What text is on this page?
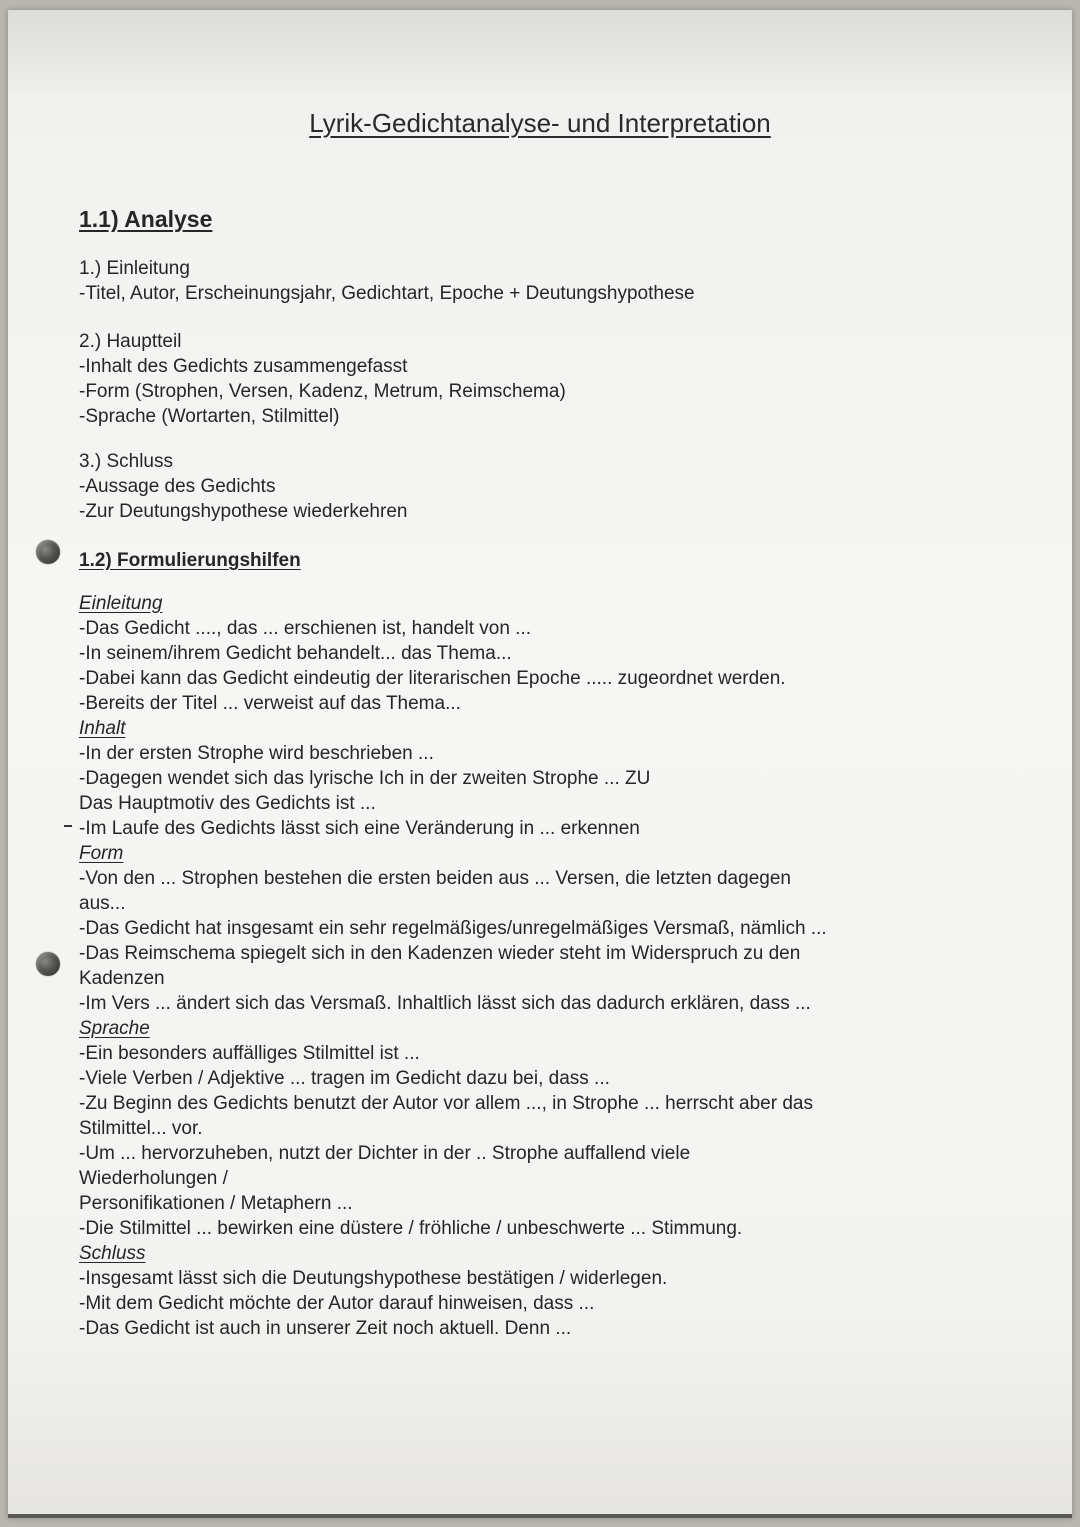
Lyrik-Gedichtanalyse- und Interpretation

1.1) Analyse

1.) Einleitung

-Titel, Autor, Erscheinungsjahr, Gedichtart, Epoche + Deutungshypothese

2.) Hauptteil

-Inhalt des Gedichts zusammengefasst

-Form (Strophen, Versen, Kadenz, Metrum, Reimschema)

-Sprache (Wortarten, Stilmittel)

3.) Schluss

-Aussage des Gedichts

-Zur Deutungshypothese wiederkehren

1.2) Formulierungshilfen

Einleitung

-Das Gedicht ...., das ... erschienen ist, handelt von ...

-In seinem/ihrem Gedicht behandelt... das Thema...

-Dabei kann das Gedicht eindeutig der literarischen Epoche ..... zugeordnet werden.

-Bereits der Titel ... verweist auf das Thema...

Inhalt

-In der ersten Strophe wird beschrieben ...

-Dagegen wendet sich das lyrische Ich in der zweiten Strophe ... ZU

Das Hauptmotiv des Gedichts ist ...

-Im Laufe des Gedichts lässt sich eine Veränderung in ... erkennen

Form

-Von den ... Strophen bestehen die ersten beiden aus ... Versen, die letzten dagegen

aus...

-Das Gedicht hat insgesamt ein sehr regelmäßiges/unregelmäßiges Versmaß, nämlich ...

-Das Reimschema spiegelt sich in den Kadenzen wieder steht im Widerspruch zu den

Kadenzen

-Im Vers ... ändert sich das Versmaß. Inhaltlich lässt sich das dadurch erklären, dass ...

Sprache

-Ein besonders auffälliges Stilmittel ist ...

-Viele Verben / Adjektive ... tragen im Gedicht dazu bei, dass ...

-Zu Beginn des Gedichts benutzt der Autor vor allem ..., in Strophe ... herrscht aber das

Stilmittel... vor.

-Um ... hervorzuheben, nutzt der Dichter in der .. Strophe auffallend viele

Wiederholungen /

Personifikationen / Metaphern ...

-Die Stilmittel ... bewirken eine düstere / fröhliche / unbeschwerte ... Stimmung.

Schluss

-Insgesamt lässt sich die Deutungshypothese bestätigen / widerlegen.

-Mit dem Gedicht möchte der Autor darauf hinweisen, dass ...

-Das Gedicht ist auch in unserer Zeit noch aktuell. Denn ...
